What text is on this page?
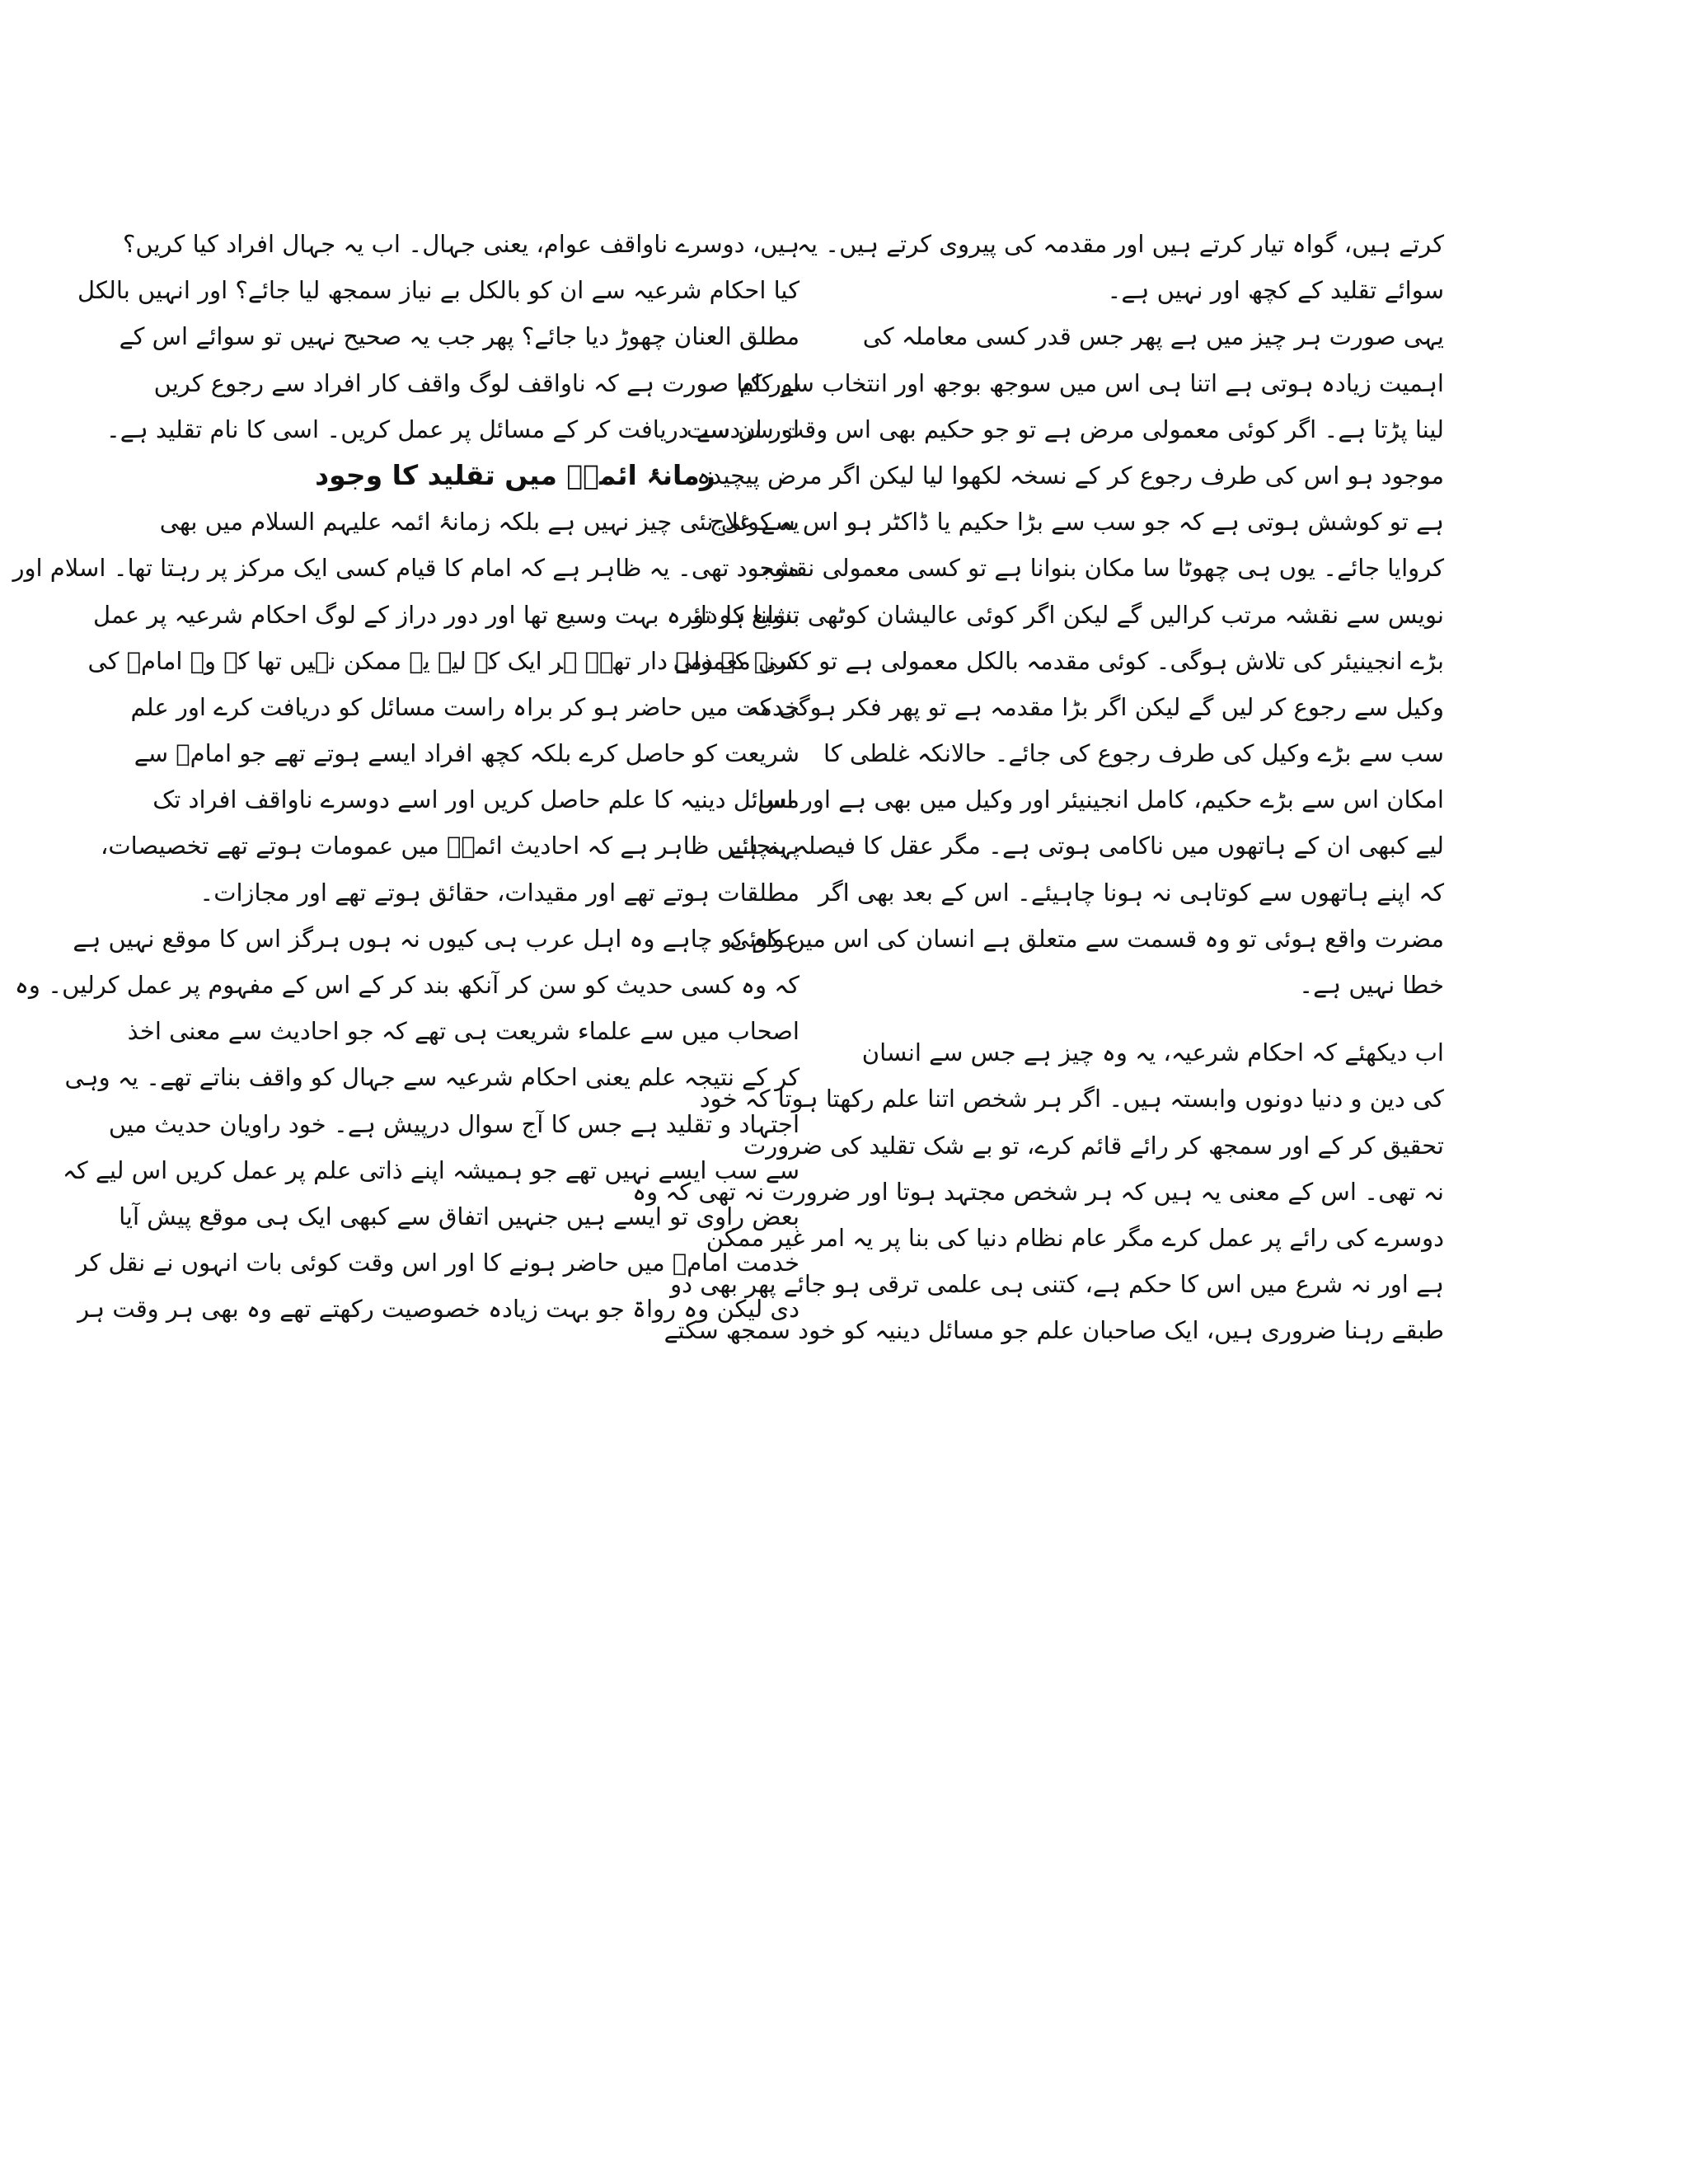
کرتے ہیں، گواہ تیار کرتے ہیں اور مقدمہ کی پیروی کرتے ہیں۔ یہ
سوائے تقلید کے کچھ اور نہیں ہے۔
یہی صورت ہر چیز میں ہے پھر جس قدر کسی معاملہ کی
اہمیت زیادہ ہوتی ہے اتنا ہی اس میں سوجھ بوجھ اور انتخاب سے کام
لینا پڑتا ہے۔ اگر کوئی معمولی مرض ہے تو جو حکیم بھی اس وقت سردست
موجود ہو اس کی طرف رجوع کر کے نسخہ لکھوا لیا لیکن اگر مرض پیچیدہ
ہے تو کوشش ہوتی ہے کہ جو سب سے بڑا حکیم یا ڈاکٹر ہو اس سے علاج
کروایا جائے۔ یوں ہی چھوٹا سا مکان بنوانا ہے تو کسی معمولی نقشہ
نویس سے نقشہ مرتب کرالیں گے لیکن اگر کوئی عالیشان کوٹھی بنوانا ہو تو
بڑے انجینیئر کی تلاش ہوگی۔ کوئی مقدمہ بالکل معمولی ہے تو کسی معمولی
وکیل سے رجوع کر لیں گے لیکن اگر بڑا مقدمہ ہے تو پھر فکر ہوگی کہ
سب سے بڑے وکیل کی طرف رجوع کی جائے۔ حالانکہ غلطی کا
امکان اس سے بڑے حکیم، کامل انجینیئر اور وکیل میں بھی ہے اور اس
لیے کبھی ان کے ہاتھوں میں ناکامی ہوتی ہے۔ مگر عقل کا فیصلہ یہ ہے
کہ اپنے ہاتھوں سے کوتاہی نہ ہونا چاہیئے۔ اس کے بعد بھی اگر
مضرت واقع ہوئی تو وہ قسمت سے متعلق ہے انسان کی اس میں کوئی
خطا نہیں ہے۔
اب دیکھئے کہ احکام شرعیہ، یہ وہ چیز ہے جس سے انسان
کی دین و دنیا دونوں وابستہ ہیں۔ اگر ہر شخص اتنا علم رکھتا ہوتا کہ خود
تحقیق کر کے اور سمجھ کر رائے قائم کرے، تو بے شک تقلید کی ضرورت
نہ تھی۔ اس کے معنی یہ ہیں کہ ہر شخص مجتہد ہوتا اور ضرورت نہ تھی کہ وہ
دوسرے کی رائے پر عمل کرے مگر عام نظام دنیا کی بنا پر یہ امر غیر ممکن
ہے اور نہ شرع میں اس کا حکم ہے، کتنی ہی علمی ترقی ہو جائے پھر بھی دو
طبقے رہنا ضروری ہیں، ایک صاحبان علم جو مسائل دینیہ کو خود سمجھ سکتے
ہیں، دوسرے ناواقف عوام، یعنی جہال۔ اب یہ جہال افراد کیا کریں؟
کیا احکام شرعیہ سے ان کو بالکل بے نیاز سمجھ لیا جائے؟ اور انہیں بالکل
مطلق العنان چھوڑ دیا جائے؟ پھر جب یہ صحیح نہیں تو سوائے اس کے
اور کیا صورت ہے کہ ناواقف لوگ واقف کار افراد سے رجوع کریں
اور ان سے دریافت کر کے مسائل پر عمل کریں۔ اسی کا نام تقلید ہے۔
زمانۂ ائمہؑ میں تقلید کا وجود
یہ کوئی نئی چیز نہیں ہے بلکہ زمانۂ ائمہ علیہم السلام میں بھی
موجود تھی۔ یہ ظاہر ہے کہ امام کا قیام کسی ایک مرکز پر رہتا تھا۔ اسلام اور
تشیع کا دائرہ بہت وسیع تھا اور دور دراز کے لوگ احکام شرعیہ پر عمل
کرنے کے ذمہ دار تھے۔ ہر ایک کے لیے یہ ممکن نہیں تھا کہ وہ امامؑ کی
خدمت میں حاضر ہو کر براہ راست مسائل کو دریافت کرے اور علم
شریعت کو حاصل کرے بلکہ کچھ افراد ایسے ہوتے تھے جو امامؑ سے
مسائل دینیہ کا علم حاصل کریں اور اسے دوسرے ناواقف افراد تک
پہنچائیں ظاہر ہے کہ احادیث ائمہؑ میں عمومات ہوتے تھے تخصیصات،
مطلقات ہوتے تھے اور مقیدات، حقائق ہوتے تھے اور مجازات۔
عوام کو چاہے وہ اہل عرب ہی کیوں نہ ہوں ہرگز اس کا موقع نہیں ہے
کہ وہ کسی حدیث کو سن کر آنکھ بند کر کے اس کے مفہوم پر عمل کرلیں۔ وہ
اصحاب میں سے علماء شریعت ہی تھے کہ جو احادیث سے معنی اخذ
کر کے نتیجہ علم یعنی احکام شرعیہ سے جہال کو واقف بناتے تھے۔ یہ وہی
اجتہاد و تقلید ہے جس کا آج سوال درپیش ہے۔ خود راویان حدیث میں
سے سب ایسے نہیں تھے جو ہمیشہ اپنے ذاتی علم پر عمل کریں اس لیے کہ
بعض راوی تو ایسے ہیں جنہیں اتفاق سے کبھی ایک ہی موقع پیش آیا
خدمت امامؑ میں حاضر ہونے کا اور اس وقت کوئی بات انہوں نے نقل کر
دی لیکن وہ رواۃ جو بہت زیادہ خصوصیت رکھتے تھے وہ بھی ہر وقت ہر
